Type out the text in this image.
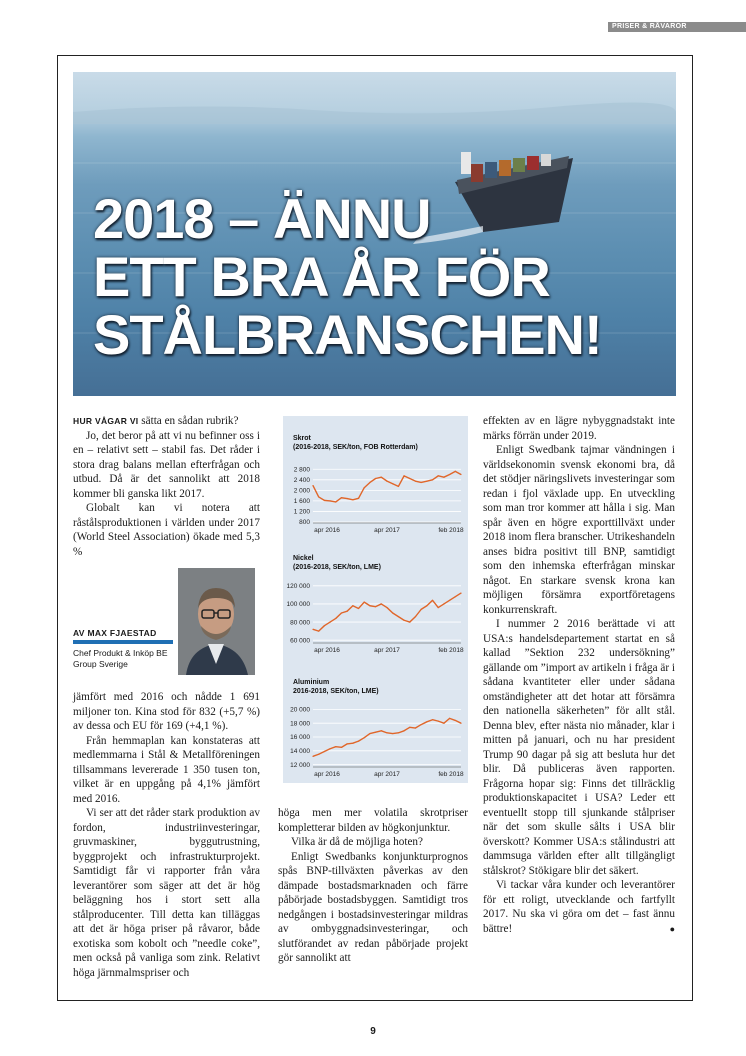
PRISER & RÅVAROR
2018 – ÄNNU
ETT BRA ÅR FÖR
STÅLBRANSCHEN!

HUR VÅGAR VI sätta en sådan rubrik?

Jo, det beror på att vi nu befinner oss i en – relativt sett – stabil fas. Det råder i stora drag balans mellan efterfrågan och utbud. Då är det sannolikt att 2018 kommer bli ganska likt 2017.

Globalt kan vi notera att råstålsproduktionen i världen under 2017 (World Steel Association) ökade med 5,3 %

AV MAX FJAESTAD
Chef Produkt & Inköp BE Group Sverige

jämfört med 2016 och nådde 1 691 miljoner ton. Kina stod för 832 (+5,7 %) av dessa och EU för 169 (+4,1 %).

Från hemmaplan kan konstateras att medlemmarna i Stål & Metallföreningen tillsammans levererade 1 350 tusen ton, vilket är en uppgång på 4,1% jämfört med 2016.

Vi ser att det råder stark produktion av fordon, industriinvesteringar, gruvmaskiner, byggutrustning, byggprojekt och infrastrukturprojekt. Samtidigt får vi rapporter från våra leverantörer som säger att det är hög beläggning hos i stort sett alla stålproducenter. Till detta kan tilläggas att det är höga priser på råvaror, både exotiska som kobolt och ”needle coke”, men också på vanliga som zink. Relativt höga järnmalmspriser och

Skrot
(2016-2018, SEK/ton, FOB Rotterdam)
800
1 200
1 600
2 000
2 400
2 800
apr 2016	apr 2017	feb 2018
Nickel
(2016-2018, SEK/ton, LME)
60 000
80 000
100 000
120 000
apr 2016	apr 2017	feb 2018
Aluminium
2016-2018, SEK/ton, LME)
12 000
14 000
16 000
18 000
20 000
apr 2016	apr 2017	feb 2018

höga men mer volatila skrotpriser kompletterar bilden av högkonjunktur.

Vilka är då de möjliga hoten?

Enligt Swedbanks konjunkturprognos spås BNP-tillväxten påverkas av den dämpade bostadsmarknaden och färre påbörjade bostadsbyggen. Samtidigt tros nedgången i bostadsinvesteringar mildras av ombyggnadsinvesteringar, och slutförandet av redan påbörjade projekt gör sannolikt att

effekten av en lägre nybyggnadstakt inte märks förrän under 2019.

Enligt Swedbank tajmar vändningen i världsekonomin svensk ekonomi bra, då det stödjer näringslivets investeringar som redan i fjol växlade upp. En utveckling som man tror kommer att hålla i sig. Man spår även en högre exporttillväxt under 2018 inom flera branscher. Utrikeshandeln anses bidra positivt till BNP, samtidigt som den inhemska efterfrågan minskar något. En starkare svensk krona kan möjligen försämra exportföretagens konkurrenskraft.

I nummer 2 2016 berättade vi att USA:s handelsdepartement startat en så kallad ”Sektion 232 undersökning” gällande om ”import av artikeln i fråga är i sådana kvantiteter eller under sådana omständigheter att det hotar att försämra den nationella säkerheten” för allt stål. Denna blev, efter nästa nio månader, klar i mitten på januari, och nu har president Trump 90 dagar på sig att besluta hur det blir. Då publiceras även rapporten. Frågorna hopar sig: Finns det tillräcklig produktionskapacitet i USA? Leder ett eventuellt stopp till sjunkande stålpriser när det som skulle sålts i USA blir överskott? Kommer USA:s stålindustri att dammsuga världen efter allt tillgängligt stålskrot? Stökigare blir det säkert.

Vi tackar våra kunder och leverantörer för ett roligt, utvecklande och fartfyllt 2017. Nu ska vi göra om det – fast ännu bättre!	●

9
